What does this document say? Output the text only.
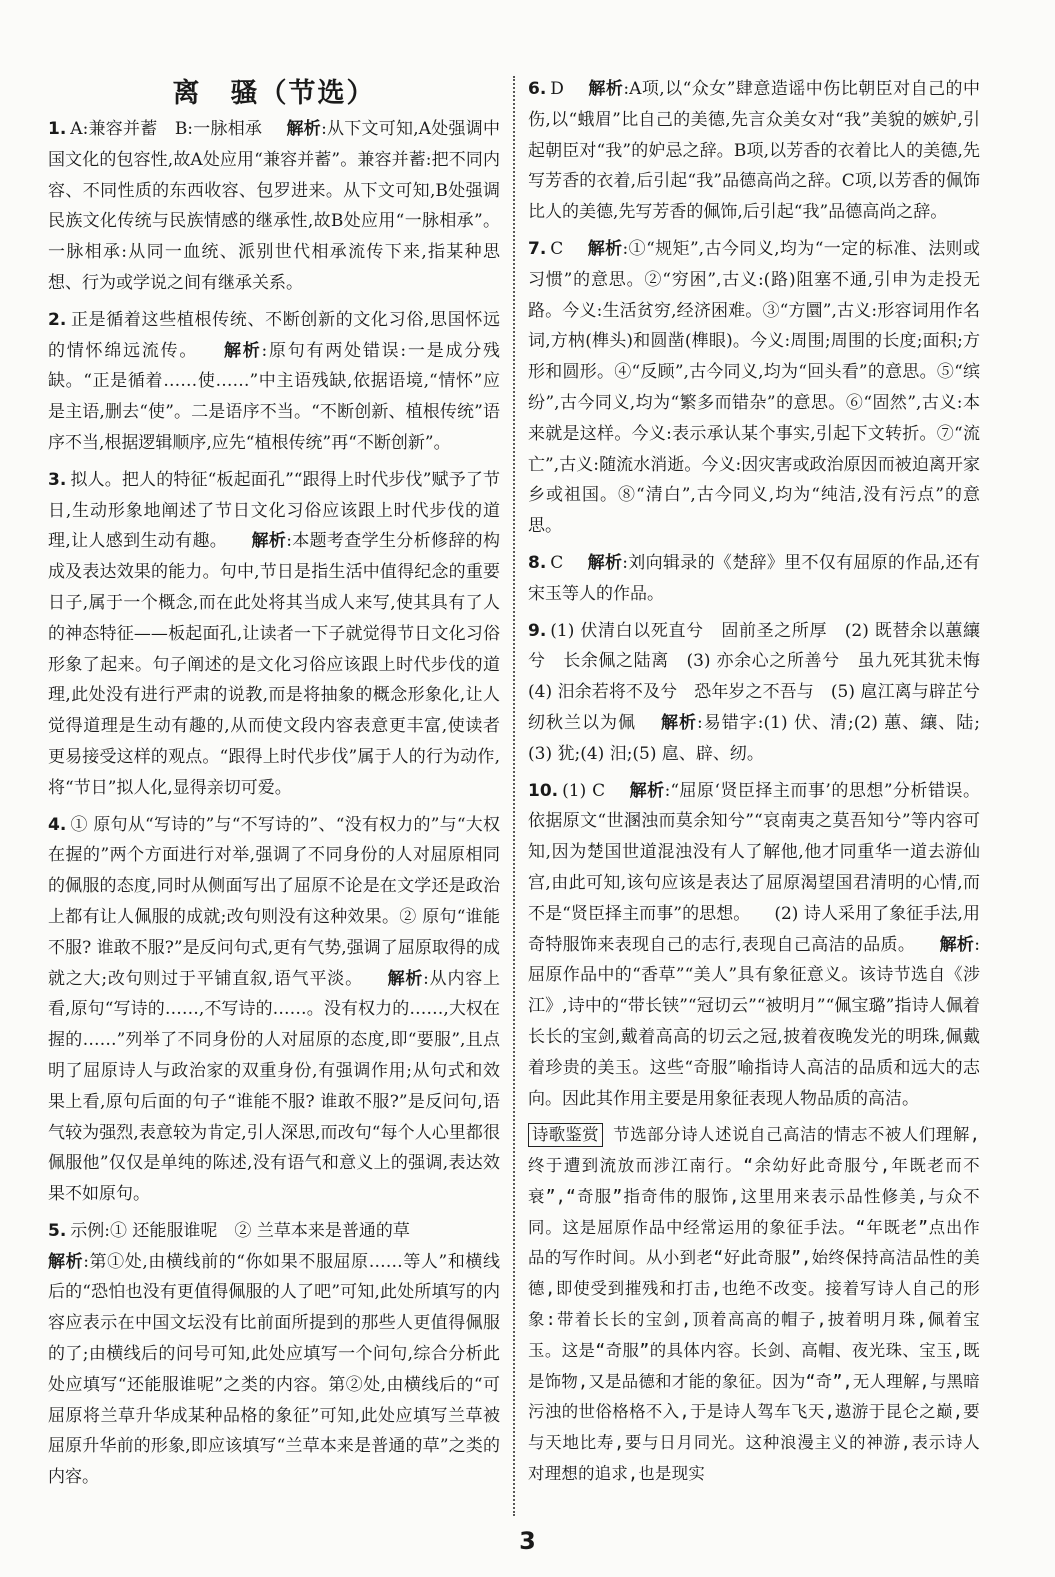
离　骚（节选）

1. A:兼容并蓄　B:一脉相承 解析:从下文可知,A处强调中国文化的包容性,故A处应用“兼容并蓄”。兼容并蓄:把不同内容、不同性质的东西收容、包罗进来。从下文可知,B处强调民族文化传统与民族情感的继承性,故B处应用“一脉相承”。一脉相承:从同一血统、派别世代相承流传下来,指某种思想、行为或学说之间有继承关系。

2. 正是循着这些植根传统、不断创新的文化习俗,思国怀远的情怀绵远流传。 解析:原句有两处错误:一是成分残缺。“正是循着……使……”中主语残缺,依据语境,“情怀”应是主语,删去“使”。二是语序不当。“不断创新、植根传统”语序不当,根据逻辑顺序,应先“植根传统”再“不断创新”。

3. 拟人。把人的特征“板起面孔”“跟得上时代步伐”赋予了节日,生动形象地阐述了节日文化习俗应该跟上时代步伐的道理,让人感到生动有趣。 解析:本题考查学生分析修辞的构成及表达效果的能力。句中,节日是指生活中值得纪念的重要日子,属于一个概念,而在此处将其当成人来写,使其具有了人的神态特征——板起面孔,让读者一下子就觉得节日文化习俗形象了起来。句子阐述的是文化习俗应该跟上时代步伐的道理,此处没有进行严肃的说教,而是将抽象的概念形象化,让人觉得道理是生动有趣的,从而使文段内容表意更丰富,使读者更易接受这样的观点。“跟得上时代步伐”属于人的行为动作,将“节日”拟人化,显得亲切可爱。

4. ① 原句从“写诗的”与“不写诗的”、“没有权力的”与“大权在握的”两个方面进行对举,强调了不同身份的人对屈原相同的佩服的态度,同时从侧面写出了屈原不论是在文学还是政治上都有让人佩服的成就;改句则没有这种效果。② 原句“谁能不服? 谁敢不服?”是反问句式,更有气势,强调了屈原取得的成就之大;改句则过于平铺直叙,语气平淡。 解析:从内容上看,原句“写诗的……,不写诗的……。没有权力的……,大权在握的……”列举了不同身份的人对屈原的态度,即“要服”,且点明了屈原诗人与政治家的双重身份,有强调作用;从句式和效果上看,原句后面的句子“谁能不服? 谁敢不服?”是反问句,语气较为强烈,表意较为肯定,引人深思,而改句“每个人心里都很佩服他”仅仅是单纯的陈述,没有语气和意义上的强调,表达效果不如原句。

5. 示例:① 还能服谁呢　② 兰草本来是普通的草

解析:第①处,由横线前的“你如果不服屈原……等人”和横线后的“恐怕也没有更值得佩服的人了吧”可知,此处所填写的内容应表示在中国文坛没有比前面所提到的那些人更值得佩服的了;由横线后的问号可知,此处应填写一个问句,综合分析此处应填写“还能服谁呢”之类的内容。第②处,由横线后的“可屈原将兰草升华成某种品格的象征”可知,此处应填写兰草被屈原升华前的形象,即应该填写“兰草本来是普通的草”之类的内容。

6. D 解析:A项,以“众女”肆意造谣中伤比朝臣对自己的中伤,以“蛾眉”比自己的美德,先言众美女对“我”美貌的嫉妒,引起朝臣对“我”的妒忌之辞。B项,以芳香的衣着比人的美德,先写芳香的衣着,后引起“我”品德高尚之辞。C项,以芳香的佩饰比人的美德,先写芳香的佩饰,后引起“我”品德高尚之辞。

7. C 解析:①“规矩”,古今同义,均为“一定的标准、法则或习惯”的意思。②“穷困”,古义:(路)阻塞不通,引申为走投无路。今义:生活贫穷,经济困难。③“方圜”,古义:形容词用作名词,方枘(榫头)和圆凿(榫眼)。今义:周围;周围的长度;面积;方形和圆形。④“反顾”,古今同义,均为“回头看”的意思。⑤“缤纷”,古今同义,均为“繁多而错杂”的意思。⑥“固然”,古义:本来就是这样。今义:表示承认某个事实,引起下文转折。⑦“流亡”,古义:随流水消逝。今义:因灾害或政治原因而被迫离开家乡或祖国。⑧“清白”,古今同义,均为“纯洁,没有污点”的意思。

8. C 解析:刘向辑录的《楚辞》里不仅有屈原的作品,还有宋玉等人的作品。

9. (1) 伏清白以死直兮　固前圣之所厚　(2) 既替余以蕙纕兮　长余佩之陆离　(3) 亦余心之所善兮　虽九死其犹未悔　(4) 汨余若将不及兮　恐年岁之不吾与　(5) 扈江离与辟芷兮　纫秋兰以为佩 解析:易错字:(1) 伏、清;(2) 蕙、纕、陆;(3) 犹;(4) 汨;(5) 扈、辟、纫。

10. (1) C 解析:“屈原‘贤臣择主而事’的思想”分析错误。依据原文“世溷浊而莫余知兮”“哀南夷之莫吾知兮”等内容可知,因为楚国世道混浊没有人了解他,他才同重华一道去游仙宫,由此可知,该句应该是表达了屈原渴望国君清明的心情,而不是“贤臣择主而事”的思想。 (2) 诗人采用了象征手法,用奇特服饰来表现自己的志行,表现自己高洁的品质。 解析:屈原作品中的“香草”“美人”具有象征意义。该诗节选自《涉江》,诗中的“带长铗”“冠切云”“被明月”“佩宝璐”指诗人佩着长长的宝剑,戴着高高的切云之冠,披着夜晚发光的明珠,佩戴着珍贵的美玉。这些“奇服”喻指诗人高洁的品质和远大的志向。因此其作用主要是用象征表现人物品质的高洁。

诗歌鉴赏 节选部分诗人述说自己高洁的情志不被人们理解,终于遭到流放而涉江南行。“余幼好此奇服兮,年既老而不衰”,“奇服”指奇伟的服饰,这里用来表示品性修美,与众不同。这是屈原作品中经常运用的象征手法。“年既老”点出作品的写作时间。从小到老“好此奇服”,始终保持高洁品性的美德,即使受到摧残和打击,也绝不改变。接着写诗人自己的形象:带着长长的宝剑,顶着高高的帽子,披着明月珠,佩着宝玉。这是“奇服”的具体内容。长剑、高帽、夜光珠、宝玉,既是饰物,又是品德和才能的象征。因为“奇”,无人理解,与黑暗污浊的世俗格格不入,于是诗人驾车飞天,遨游于昆仑之巅,要与天地比寿,要与日月同光。这种浪漫主义的神游,表示诗人对理想的追求,也是现实

3
